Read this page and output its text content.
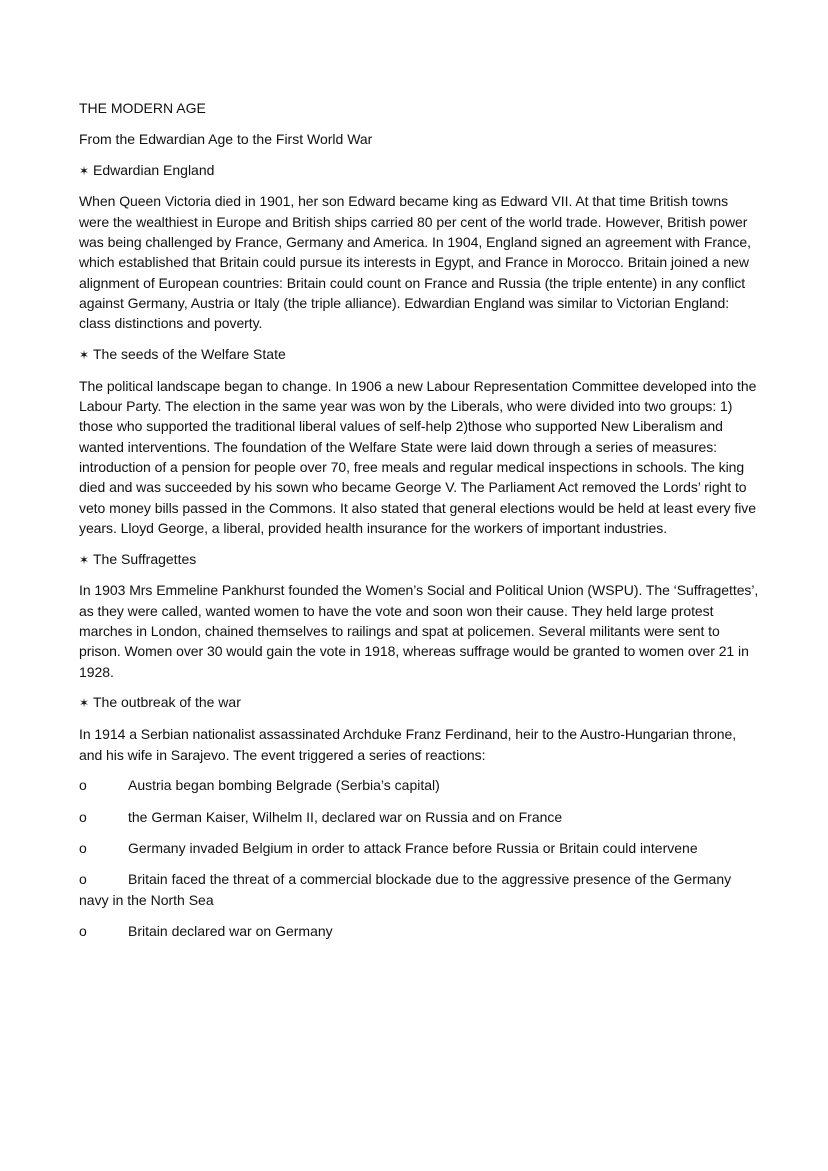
THE MODERN AGE
From the Edwardian Age to the First World War
✶ Edwardian England
When Queen Victoria died in 1901, her son Edward became king as Edward VII. At that time British towns were the wealthiest in Europe and British ships carried 80 per cent of the world trade. However, British power was being challenged by France, Germany and America. In 1904, England signed an agreement with France, which established that Britain could pursue its interests in Egypt, and France in Morocco. Britain joined a new alignment of European countries: Britain could count on France and Russia (the triple entente) in any conflict against Germany, Austria or Italy (the triple alliance). Edwardian England was similar to Victorian England: class distinctions and poverty.
✶ The seeds of the Welfare State
The political landscape began to change. In 1906 a new Labour Representation Committee developed into the Labour Party. The election in the same year was won by the Liberals, who were divided into two groups: 1) those who supported the traditional liberal values of self-help 2)those who supported New Liberalism and wanted interventions. The foundation of the Welfare State were laid down through a series of measures: introduction of a pension for people over 70, free meals and regular medical inspections in schools. The king died and was succeeded by his sown who became George V. The Parliament Act removed the Lords’ right to veto money bills passed in the Commons. It also stated that general elections would be held at least every five years. Lloyd George, a liberal, provided health insurance for the workers of important industries.
✶ The Suffragettes
In 1903 Mrs Emmeline Pankhurst founded the Women’s Social and Political Union (WSPU). The ‘Suffragettes’, as they were called, wanted women to have the vote and soon won their cause. They held large protest marches in London, chained themselves to railings and spat at policemen. Several militants were sent to prison. Women over 30 would gain the vote in 1918, whereas suffrage would be granted to women over 21 in 1928.
✶ The outbreak of the war
In 1914 a Serbian nationalist assassinated Archduke Franz Ferdinand, heir to the Austro-Hungarian throne, and his wife in Sarajevo. The event triggered a series of reactions:
o	Austria began bombing Belgrade (Serbia’s capital)
o	the German Kaiser, Wilhelm II, declared war on Russia and on France
o	Germany invaded Belgium in order to attack France before Russia or Britain could intervene
o	Britain faced the threat of a commercial blockade due to the aggressive presence of the Germany navy in the North Sea
o	Britain declared war on Germany
